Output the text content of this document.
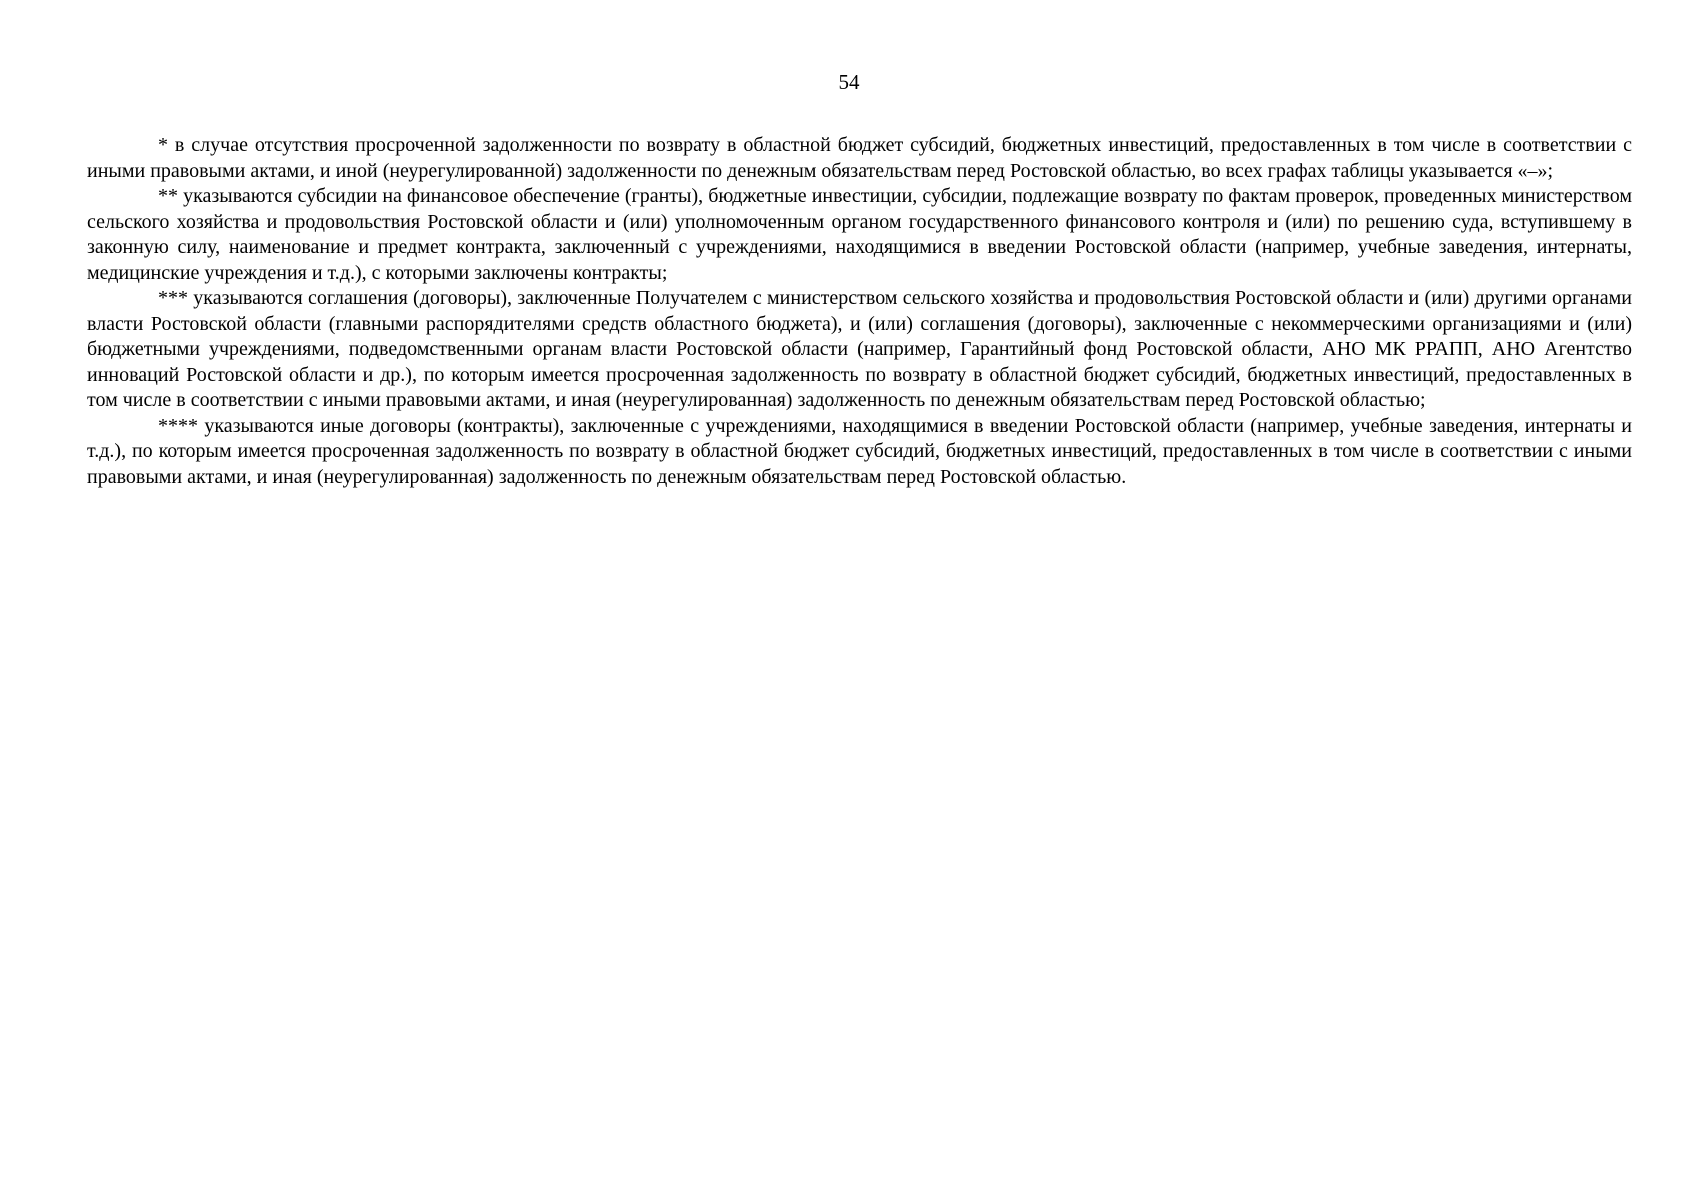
54

* в случае отсутствия просроченной задолженности по возврату в областной бюджет субсидий, бюджетных инвестиций, предоставленных в том числе в соответствии с иными правовыми актами, и иной (неурегулированной) задолженности по денежным обязательствам перед Ростовской областью, во всех графах таблицы указывается «–»;

** указываются субсидии на финансовое обеспечение (гранты), бюджетные инвестиции, субсидии, подлежащие возврату по фактам проверок, проведенных министерством сельского хозяйства и продовольствия Ростовской области и (или) уполномоченным органом государственного финансового контроля и (или) по решению суда, вступившему в законную силу, наименование и предмет контракта, заключенный с учреждениями, находящимися в введении Ростовской области (например, учебные заведения, интернаты, медицинские учреждения и т.д.), с которыми заключены контракты;

*** указываются соглашения (договоры), заключенные Получателем с министерством сельского хозяйства и продовольствия Ростовской области и (или) другими органами власти Ростовской области (главными распорядителями средств областного бюджета), и (или) соглашения (договоры), заключенные с некоммерческими организациями и (или) бюджетными учреждениями, подведомственными органам власти Ростовской области (например, Гарантийный фонд Ростовской области, АНО МК РРАПП, АНО Агентство инноваций Ростовской области и др.), по которым имеется просроченная задолженность по возврату в областной бюджет субсидий, бюджетных инвестиций, предоставленных в том числе в соответствии с иными правовыми актами, и иная (неурегулированная) задолженность по денежным обязательствам перед Ростовской областью;

**** указываются иные договоры (контракты), заключенные с учреждениями, находящимися в введении Ростовской области (например, учебные заведения, интернаты и т.д.), по которым имеется просроченная задолженность по возврату в областной бюджет субсидий, бюджетных инвестиций, предоставленных в том числе в соответствии с иными правовыми актами, и иная (неурегулированная) задолженность по денежным обязательствам перед Ростовской областью.
